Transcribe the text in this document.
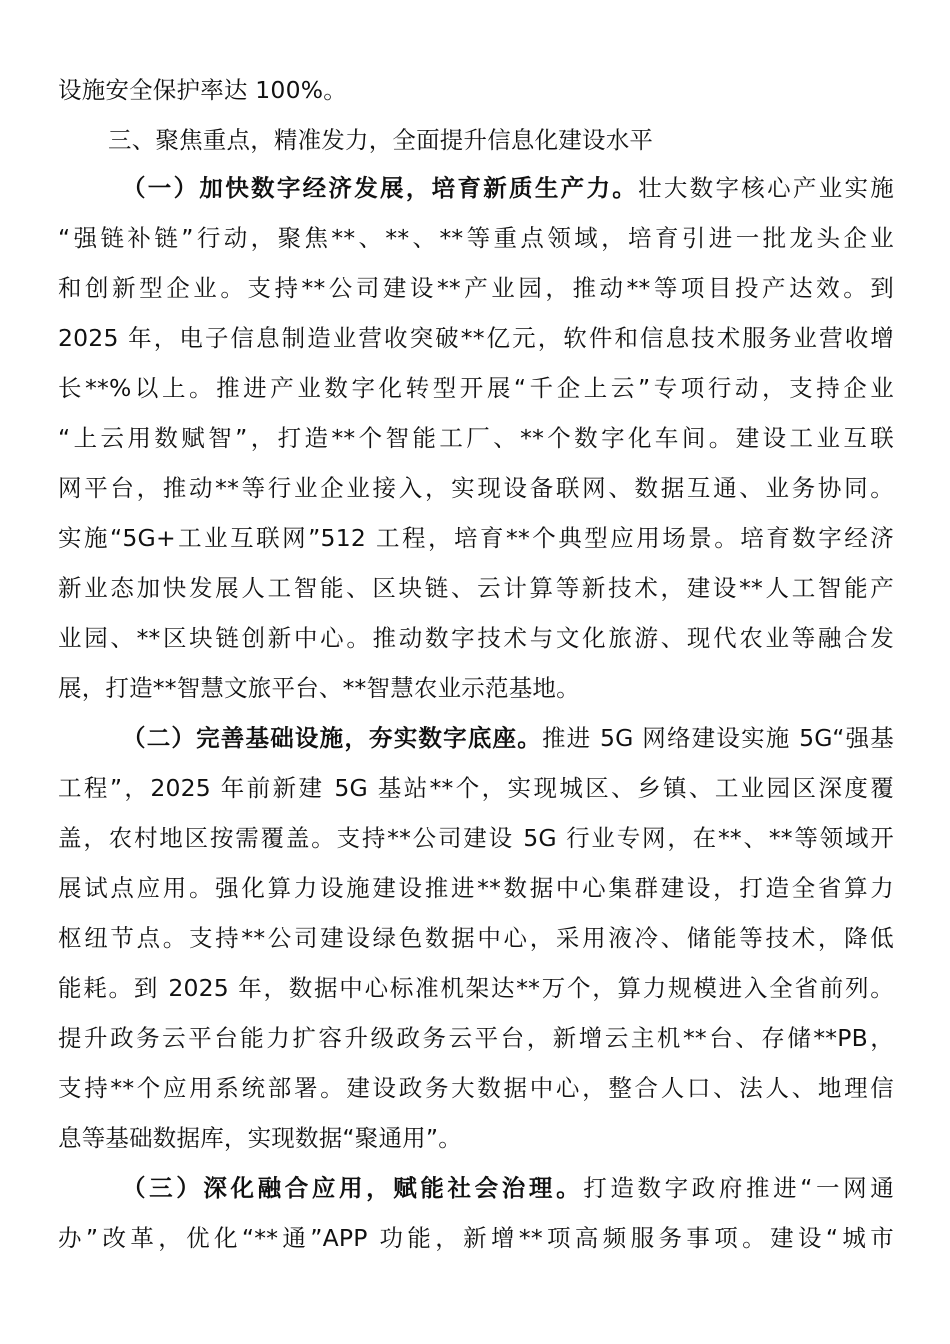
设施安全保护率达 100%。

三、聚焦重点，精准发力，全面提升信息化建设水平

（一）加快数字经济发展，培育新质生产力。壮大数字核心产业实施

“强链补链”行动，聚焦**、**、**等重点领域，培育引进一批龙头企业

和创新型企业。支持**公司建设**产业园，推动**等项目投产达效。到

2025 年，电子信息制造业营收突破**亿元，软件和信息技术服务业营收增

长**%以上。推进产业数字化转型开展“千企上云”专项行动，支持企业

“上云用数赋智”，打造**个智能工厂、**个数字化车间。建设工业互联

网平台，推动**等行业企业接入，实现设备联网、数据互通、业务协同。

实施“5G+工业互联网”512 工程，培育**个典型应用场景。培育数字经济

新业态加快发展人工智能、区块链、云计算等新技术，建设**人工智能产

业园、**区块链创新中心。推动数字技术与文化旅游、现代农业等融合发

展，打造**智慧文旅平台、**智慧农业示范基地。

（二）完善基础设施，夯实数字底座。推进 5G 网络建设实施 5G“强基

工程”，2025 年前新建 5G 基站**个，实现城区、乡镇、工业园区深度覆

盖，农村地区按需覆盖。支持**公司建设 5G 行业专网，在**、**等领域开

展试点应用。强化算力设施建设推进**数据中心集群建设，打造全省算力

枢纽节点。支持**公司建设绿色数据中心，采用液冷、储能等技术，降低

能耗。到 2025 年，数据中心标准机架达**万个，算力规模进入全省前列。

提升政务云平台能力扩容升级政务云平台，新增云主机**台、存储**PB，

支持**个应用系统部署。建设政务大数据中心，整合人口、法人、地理信

息等基础数据库，实现数据“聚通用”。

（三）深化融合应用，赋能社会治理。打造数字政府推进“一网通

办”改革，优化“**通”APP 功能，新增**项高频服务事项。建设“城市
